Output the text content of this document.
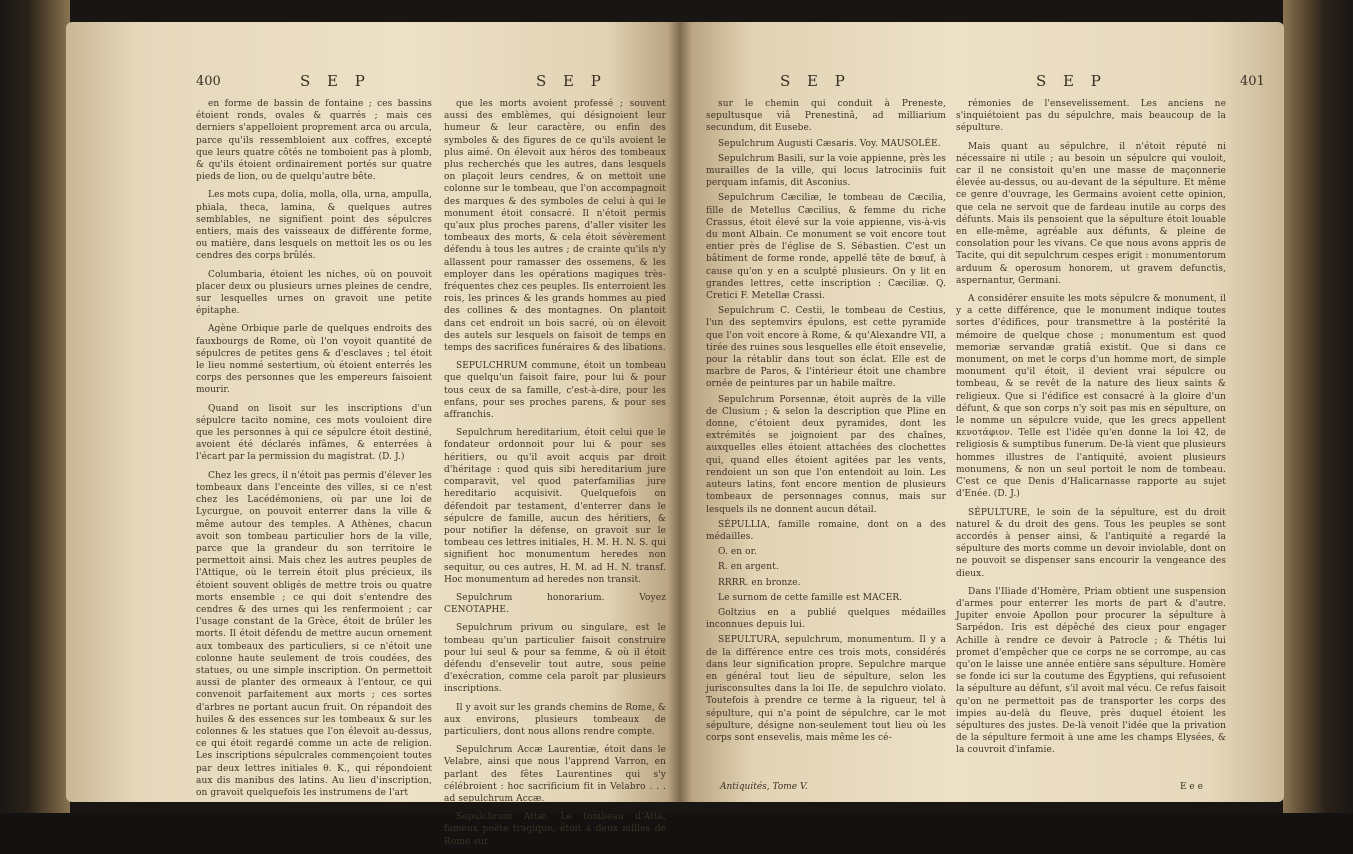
400	S E P	S E P

en forme de bassin de fontaine ; ces bassins étoient ronds, ovales & quarrés ; mais ces derniers s'appelloient proprement arca ou arcula, parce qu'ils ressembloient aux coffres, excepté que leurs quatre côtés ne tomboient pas à plomb, & qu'ils étoient ordinairement portés sur quatre pieds de lion, ou de quelqu'autre bête.

Les mots cupa, dolia, molla, olla, urna, ampulla, phiala, theca, lamina, & quelques autres semblables, ne signifient point des sépulcres entiers, mais des vaisseaux de différente forme, ou matière, dans lesquels on mettoit les os ou les cendres des corps brûlés.

Columbaria, étoient les niches, où on pouvoit placer deux ou plusieurs urnes pleines de cendre, sur lesquelles urnes on gravoit une petite épitaphe.

Agène Orbique parle de quelques endroits des fauxbourgs de Rome, où l'on voyoit quantité de sépulcres de petites gens & d'esclaves ; tel étoit le lieu nommé sestertium, où étoient enterrés les corps des personnes que les empereurs faisoient mourir.

Quand on lisoit sur les inscriptions d'un sépulcre tacito nomine, ces mots vouloient dire que les personnes à qui ce sépulcre étoit destiné, avoient été déclarés infâmes, & enterrées à l'écart par la permission du magistrat. (D. J.)

Chez les grecs, il n'étoit pas permis d'élever les tombeaux dans l'enceinte des villes, si ce n'est chez les Lacédémoniens, où par une loi de Lycurgue, on pouvoit enterrer dans la ville & même autour des temples. A Athènes, chacun avoit son tombeau particulier hors de la ville, parce que la grandeur du son territoire le permettoit ainsi. Mais chez les autres peuples de l'Attique, où le terrein étoit plus précieux, ils étoient souvent obligés de mettre trois ou quatre morts ensemble ; ce qui doit s'entendre des cendres & des urnes qui les renfermoient ; car l'usage constant de la Grèce, étoit de brûler les morts. Il étoit défendu de mettre aucun ornement aux tombeaux des particuliers, si ce n'étoit une colonne haute seulement de trois coudées, des statues, ou une simple inscription. On permettoit aussi de planter des ormeaux à l'entour, ce qui convenoit parfaitement aux morts ; ces sortes d'arbres ne portant aucun fruit. On répandoit des huiles & des essences sur les tombeaux & sur les colonnes & les statues que l'on élevoit au-dessus, ce qui étoit regardé comme un acte de religion. Les inscriptions sépulcrales commençoient toutes par deux lettres initiales θ. Κ., qui répondoient aux dis manibus des latins. Au lieu d'inscription, on gravoit quelquefois les instrumens de l'art

que les morts avoient professé ; souvent aussi des emblèmes, qui désignoient leur humeur & leur caractère, ou enfin des symboles & des figures de ce qu'ils avoient le plus aimé. On élevoit aux héros des tombeaux plus recherchés que les autres, dans lesquels on plaçoit leurs cendres, & on mettoit une colonne sur le tombeau, que l'on accompagnoit des marques & des symboles de celui à qui le monument étoit consacré. Il n'étoit permis qu'aux plus proches parens, d'aller visiter les tombeaux des morts, & cela étoit sévèrement défendu à tous les autres ; de crainte qu'ils n'y allassent pour ramasser des ossemens, & les employer dans les opérations magiques très-fréquentes chez ces peuples. Ils enterroient les rois, les princes & les grands hommes au pied des collines & des montagnes. On plantoit dans cet endroit un bois sacré, où on élevoit des autels sur lesquels on faisoit de temps en temps des sacrifices funéraires & des libations.

SEPULCHRUM commune, étoit un tombeau que quelqu'un faisoit faire, pour lui & pour tous ceux de sa famille, c'est-à-dire, pour les enfans, pour ses proches parens, & pour ses affranchis.

Sepulchrum hereditarium, étoit celui que le fondateur ordonnoit pour lui & pour ses héritiers, ou qu'il avoit acquis par droit d'héritage : quod quis sibi hereditarium jure comparavit, vel quod paterfamilias jure hereditario acquisivit. Quelquefois on défendoit par testament, d'enterrer dans le sépulcre de famille, aucun des héritiers, & pour notifier la défense, on gravoit sur le tombeau ces lettres initiales, H. M. H. N. S. qui signifient hoc monumentum heredes non sequitur, ou ces autres, H. M. ad H. N. transf. Hoc monumentum ad heredes non transit.

Sepulchrum honorarium. Voyez CENOTAPHE.

Sepulchrum privum ou singulare, est le tombeau qu'un particulier faisoit construire pour lui seul & pour sa femme, & où il étoit défendu d'ensevelir tout autre, sous peine d'exécration, comme cela paroît par plusieurs inscriptions.

Il y avoit sur les grands chemins de Rome, & aux environs, plusieurs tombeaux de particuliers, dont nous allons rendre compte.

Sepulchrum Accæ Laurentiæ, étoit dans le Velabre, ainsi que nous l'apprend Varron, en parlant des fêtes Laurentines qui s'y célébroient : hoc sacrificium fit in Velabro . . . ad sepulchrum Accæ.

Sepulchrum Attæ. Le tombeau d'Atta, fameux poëte tragique, étoit à deux milles de Rome sur

S E P	S E P	401

sur le chemin qui conduit à Preneste, sepultusque viâ Prenestinâ, ad milliarium secundum, dit Eusebe.

Sepulchrum Augusti Cæsaris. Voy. MAUSOLÉE.

Sepulchrum Basili, sur la voie appienne, près les murailles de la ville, qui locus latrociniis fuit perquam infamis, dit Asconius.

Sepulchrum Cæciliæ, le tombeau de Cæcilia, fille de Metellus Cæcilius, & femme du riche Crassus, étoit élevé sur la voie appienne, vis-à-vis du mont Albain. Ce monument se voit encore tout entier près de l'église de S. Sébastien. C'est un bâtiment de forme ronde, appellé tête de bœuf, à cause qu'on y en a sculpté plusieurs. On y lit en grandes lettres, cette inscription : Cæciliæ. Q. Cretici F. Metellæ Crassi.

Sepulchrum C. Cestii, le tombeau de Cestius, l'un des septemvirs épulons, est cette pyramide que l'on voit encore à Rome, & qu'Alexandre VII, a tirée des ruines sous lesquelles elle étoit ensevelie, pour la rétablir dans tout son éclat. Elle est de marbre de Paros, & l'intérieur étoit une chambre ornée de peintures par un habile maître.

Sepulchrum Porsennæ, étoit auprès de la ville de Clusium ; & selon la description que Pline en donne, c'étoient deux pyramides, dont les extrémités se joignoient par des chaînes, auxquelles elles étoient attachées des clochettes qui, quand elles étoient agitées par les vents, rendoient un son que l'on entendoit au loin. Les auteurs latins, font encore mention de plusieurs tombeaux de personnages connus, mais sur lesquels ils ne donnent aucun détail.

SÉPULLIA, famille romaine, dont on a des médailles.

O. en or.

R. en argent.

RRRR. en bronze.

Le surnom de cette famille est MACER.

Goltzius en a publié quelques médailles inconnues depuis lui.

SEPULTURA, sepulchrum, monumentum. Il y a de la différence entre ces trois mots, considérés dans leur signification propre. Sepulchre marque en général tout lieu de sépulture, selon les jurisconsultes dans la loi IIe. de sepulchro violato. Toutefois à prendre ce terme à la rigueur, tel à sépulture, qui n'a point de sépulchre, car le mot sépulture, désigne non-seulement tout lieu où les corps sont ensevelis, mais même les cé-

rémonies de l'ensevelissement. Les anciens ne s'inquiétoient pas du sépulchre, mais beaucoup de la sépulture.

Mais quant au sépulchre, il n'étoit réputé ni nécessaire ni utile ; au besoin un sépulcre qui vouloit, car il ne consistoit qu'en une masse de maçonnerie élevée au-dessus, ou au-devant de la sépulture. Et même ce genre d'ouvrage, les Germains avoient cette opinion, que cela ne servoit que de fardeau inutile au corps des défunts. Mais ils pensoient que la sépulture étoit louable en elle-même, agréable aux défunts, & pleine de consolation pour les vivans. Ce que nous avons appris de Tacite, qui dit sepulchrum cespes erigit : monumentorum arduum & operosum honorem, ut gravem defunctis, aspernantur, Germani.

A considérer ensuite les mots sépulcre & monument, il y a cette différence, que le monument indique toutes sortes d'édifices, pour transmettre à la postérité la mémoire de quelque chose ; monumentum est quod memoriæ servandæ gratiâ existit. Que si dans ce monument, on met le corps d'un homme mort, de simple monument qu'il étoit, il devient vrai sépulcre ou tombeau, & se revêt de la nature des lieux saints & religieux. Que si l'édifice est consacré à la gloire d'un défunt, & que son corps n'y soit pas mis en sépulture, on le nomme un sépulcre vuide, que les grecs appellent κενοτάφιον. Telle est l'idée qu'en donne la loi 42, de religiosis & sumptibus funerum. De-là vient que plusieurs hommes illustres de l'antiquité, avoient plusieurs monumens, & non un seul portoit le nom de tombeau. C'est ce que Denis d'Halicarnasse rapporte au sujet d'Enée. (D. J.)

SÉPULTURE, le soin de la sépulture, est du droit naturel & du droit des gens. Tous les peuples se sont accordés à penser ainsi, & l'antiquité a regardé la sépulture des morts comme un devoir inviolable, dont on ne pouvoit se dispenser sans encourir la vengeance des dieux.

Dans l'Iliade d'Homère, Priam obtient une suspension d'armes pour enterrer les morts de part & d'autre. Jupiter envoie Apollon pour procurer la sépulture à Sarpédon. Iris est dépêché des cieux pour engager Achille à rendre ce devoir à Patrocle ; & Thétis lui promet d'empêcher que ce corps ne se corrompe, au cas qu'on le laisse une année entière sans sépulture. Homère se fonde ici sur la coutume des Égyptiens, qui refusoient la sépulture au défunt, s'il avoit mal vécu. Ce refus faisoit qu'on ne permettoit pas de transporter les corps des impies au-delà du fleuve, près duquel étoient les sépultures des justes. De-là venoit l'idée que la privation de la sépulture fermoit à une ame les champs Elysées, & la couvroit d'infamie.

Antiquités, Tome V.	E e e
